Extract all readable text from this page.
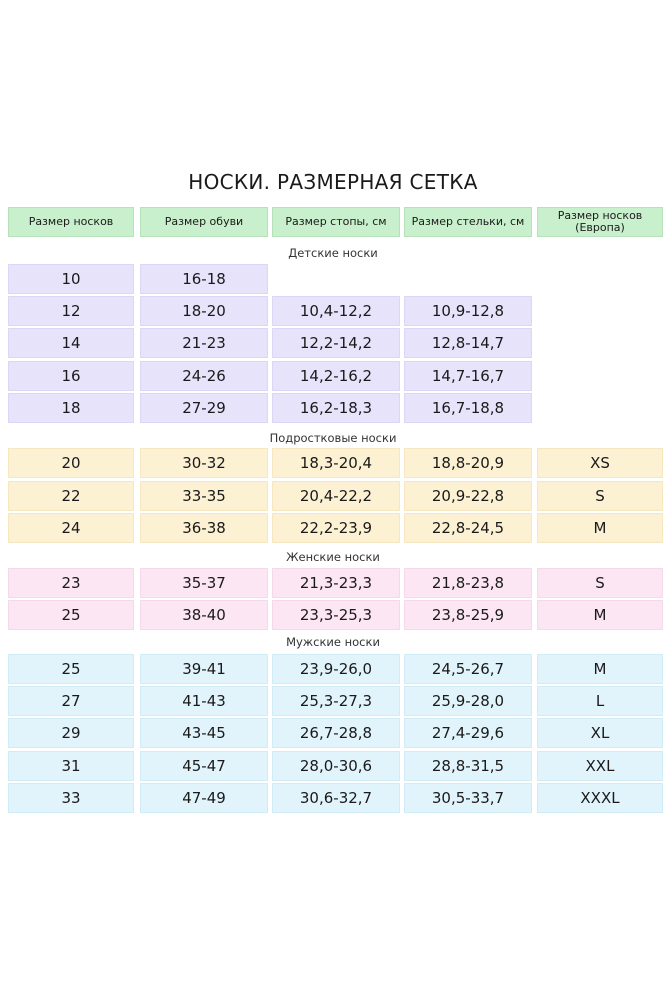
НОСКИ. РАЗМЕРНАЯ СЕТКА
Размер носков	Размер обуви	Размер стопы, см	Размер стельки, см	Размер носков (Европа)
Детские носки
10	16-18
12	18-20	10,4-12,2	10,9-12,8
14	21-23	12,2-14,2	12,8-14,7
16	24-26	14,2-16,2	14,7-16,7
18	27-29	16,2-18,3	16,7-18,8
Подростковые носки
20	30-32	18,3-20,4	18,8-20,9	XS
22	33-35	20,4-22,2	20,9-22,8	S
24	36-38	22,2-23,9	22,8-24,5	M
Женские носки
23	35-37	21,3-23,3	21,8-23,8	S
25	38-40	23,3-25,3	23,8-25,9	M
Мужские носки
25	39-41	23,9-26,0	24,5-26,7	M
27	41-43	25,3-27,3	25,9-28,0	L
29	43-45	26,7-28,8	27,4-29,6	XL
31	45-47	28,0-30,6	28,8-31,5	XXL
33	47-49	30,6-32,7	30,5-33,7	XXXL
